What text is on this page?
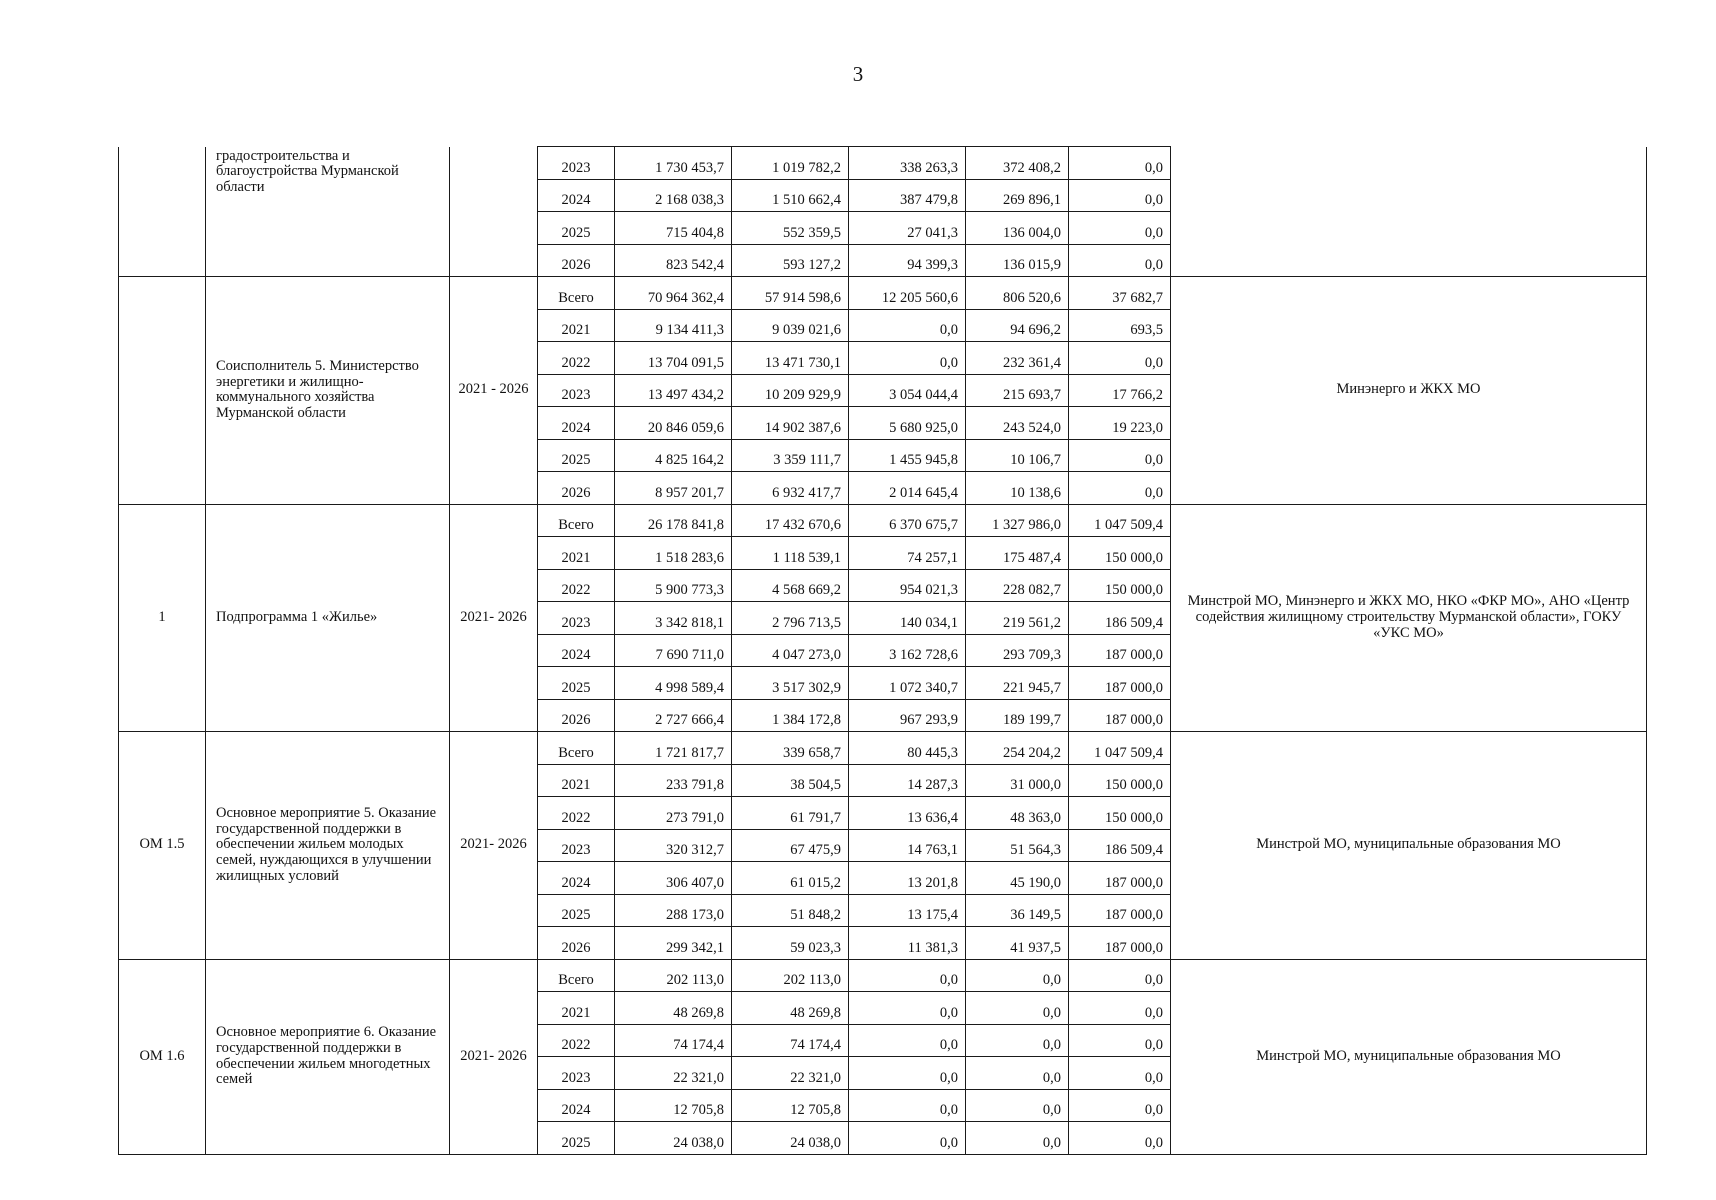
3
	градостроительства и благоустройства Мурманской области		2023	1 730 453,7	1 019 782,2	338 263,3	372 408,2	0,0	
			2024	2 168 038,3	1 510 662,4	387 479,8	269 896,1	0,0	
			2025	715 404,8	552 359,5	27 041,3	136 004,0	0,0	
			2026	823 542,4	593 127,2	94 399,3	136 015,9	0,0	
	Соисполнитель 5. Министерство энергетики и жилищно-коммунального хозяйства Мурманской области	2021 - 2026	Всего	70 964 362,4	57 914 598,6	12 205 560,6	806 520,6	37 682,7	Минэнерго и ЖКХ МО
			2021	9 134 411,3	9 039 021,6	0,0	94 696,2	693,5	
			2022	13 704 091,5	13 471 730,1	0,0	232 361,4	0,0	
			2023	13 497 434,2	10 209 929,9	3 054 044,4	215 693,7	17 766,2	
			2024	20 846 059,6	14 902 387,6	5 680 925,0	243 524,0	19 223,0	
			2025	4 825 164,2	3 359 111,7	1 455 945,8	10 106,7	0,0	
			2026	8 957 201,7	6 932 417,7	2 014 645,4	10 138,6	0,0	
1	Подпрограмма 1 «Жилье»	2021- 2026	Всего	26 178 841,8	17 432 670,6	6 370 675,7	1 327 986,0	1 047 509,4	Минстрой МО, Минэнерго и ЖКХ МО, НКО «ФКР МО», АНО «Центр содействия жилищному строительству Мурманской области», ГОКУ «УКС МО»
			2021	1 518 283,6	1 118 539,1	74 257,1	175 487,4	150 000,0	
			2022	5 900 773,3	4 568 669,2	954 021,3	228 082,7	150 000,0	
			2023	3 342 818,1	2 796 713,5	140 034,1	219 561,2	186 509,4	
			2024	7 690 711,0	4 047 273,0	3 162 728,6	293 709,3	187 000,0	
			2025	4 998 589,4	3 517 302,9	1 072 340,7	221 945,7	187 000,0	
			2026	2 727 666,4	1 384 172,8	967 293,9	189 199,7	187 000,0	
ОМ 1.5	Основное мероприятие 5. Оказание государственной поддержки в обеспечении жильем молодых семей, нуждающихся в улучшении жилищных условий	2021- 2026	Всего	1 721 817,7	339 658,7	80 445,3	254 204,2	1 047 509,4	Минстрой МО, муниципальные образования МО
			2021	233 791,8	38 504,5	14 287,3	31 000,0	150 000,0	
			2022	273 791,0	61 791,7	13 636,4	48 363,0	150 000,0	
			2023	320 312,7	67 475,9	14 763,1	51 564,3	186 509,4	
			2024	306 407,0	61 015,2	13 201,8	45 190,0	187 000,0	
			2025	288 173,0	51 848,2	13 175,4	36 149,5	187 000,0	
			2026	299 342,1	59 023,3	11 381,3	41 937,5	187 000,0	
ОМ 1.6	Основное мероприятие 6. Оказание государственной поддержки в обеспечении жильем многодетных семей	2021- 2026	Всего	202 113,0	202 113,0	0,0	0,0	0,0	Минстрой МО, муниципальные образования МО
			2021	48 269,8	48 269,8	0,0	0,0	0,0	
			2022	74 174,4	74 174,4	0,0	0,0	0,0	
			2023	22 321,0	22 321,0	0,0	0,0	0,0	
			2024	12 705,8	12 705,8	0,0	0,0	0,0	
			2025	24 038,0	24 038,0	0,0	0,0	0,0	
